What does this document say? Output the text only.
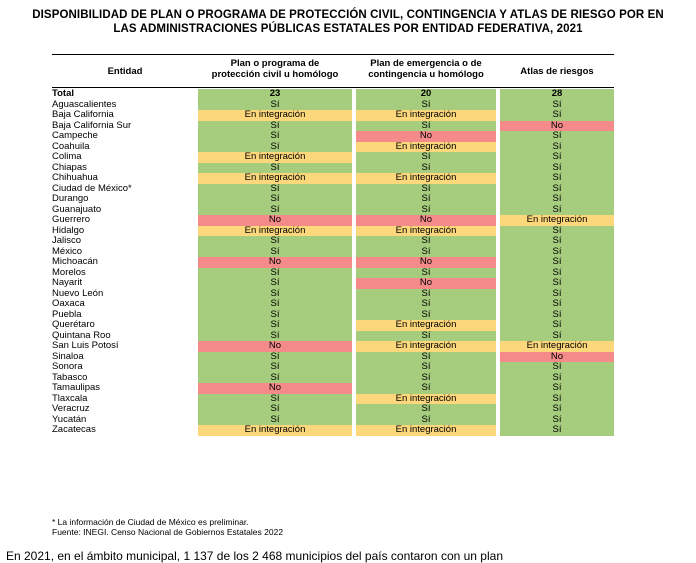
DISPONIBILIDAD DE PLAN O PROGRAMA DE PROTECCIÓN CIVIL, CONTINGENCIA Y ATLAS DE RIESGO POR EN
LAS ADMINISTRACIONES PÚBLICAS ESTATALES POR ENTIDAD FEDERATIVA, 2021
Entidad
Plan o programa de
protección civil u homólogo
Plan de emergencia o de
contingencia u homólogo	Atlas de riesgos
Total	23		20		28
Aguascalientes	Sí		Sí		Sí
Baja California	En integración		En integración		Sí
Baja California Sur	Sí		Sí		No
Campeche	Sí		No		Sí
Coahuila	Sí		En integración		Sí
Colima	En integración		Sí		Sí
Chiapas	Sí		Sí		Sí
Chihuahua	En integración		En integración		Sí
Ciudad de México*	Sí		Sí		Sí
Durango	Sí		Sí		Sí
Guanajuato	Sí		Sí		Sí
Guerrero	No		No		En integración
Hidalgo	En integración		En integración		Sí
Jalisco	Sí		Sí		Sí
México	Sí		Sí		Sí
Michoacán	No		No		Sí
Morelos	Sí		Sí		Sí
Nayarit	Sí		No		Sí
Nuevo León	Sí		Sí		Sí
Oaxaca	Sí		Sí		Sí
Puebla	Sí		Sí		Sí
Querétaro	Sí		En integración		Sí
Quintana Roo	Sí		Sí		Sí
San Luis Potosí	No		En integración		En integración
Sinaloa	Sí		Sí		No
Sonora	Sí		Sí		Sí
Tabasco	Sí		Sí		Sí
Tamaulipas	No		Sí		Sí
Tlaxcala	Sí		En integración		Sí
Veracruz	Sí		Sí		Sí
Yucatán	Sí		Sí		Sí
Zacatecas	En integración		En integración		Sí
* La información de Ciudad de México es preliminar.
Fuente: INEGI. Censo Nacional de Gobiernos Estatales 2022
En 2021, en el ámbito municipal, 1 137 de los 2 468 municipios del país contaron con un plan
